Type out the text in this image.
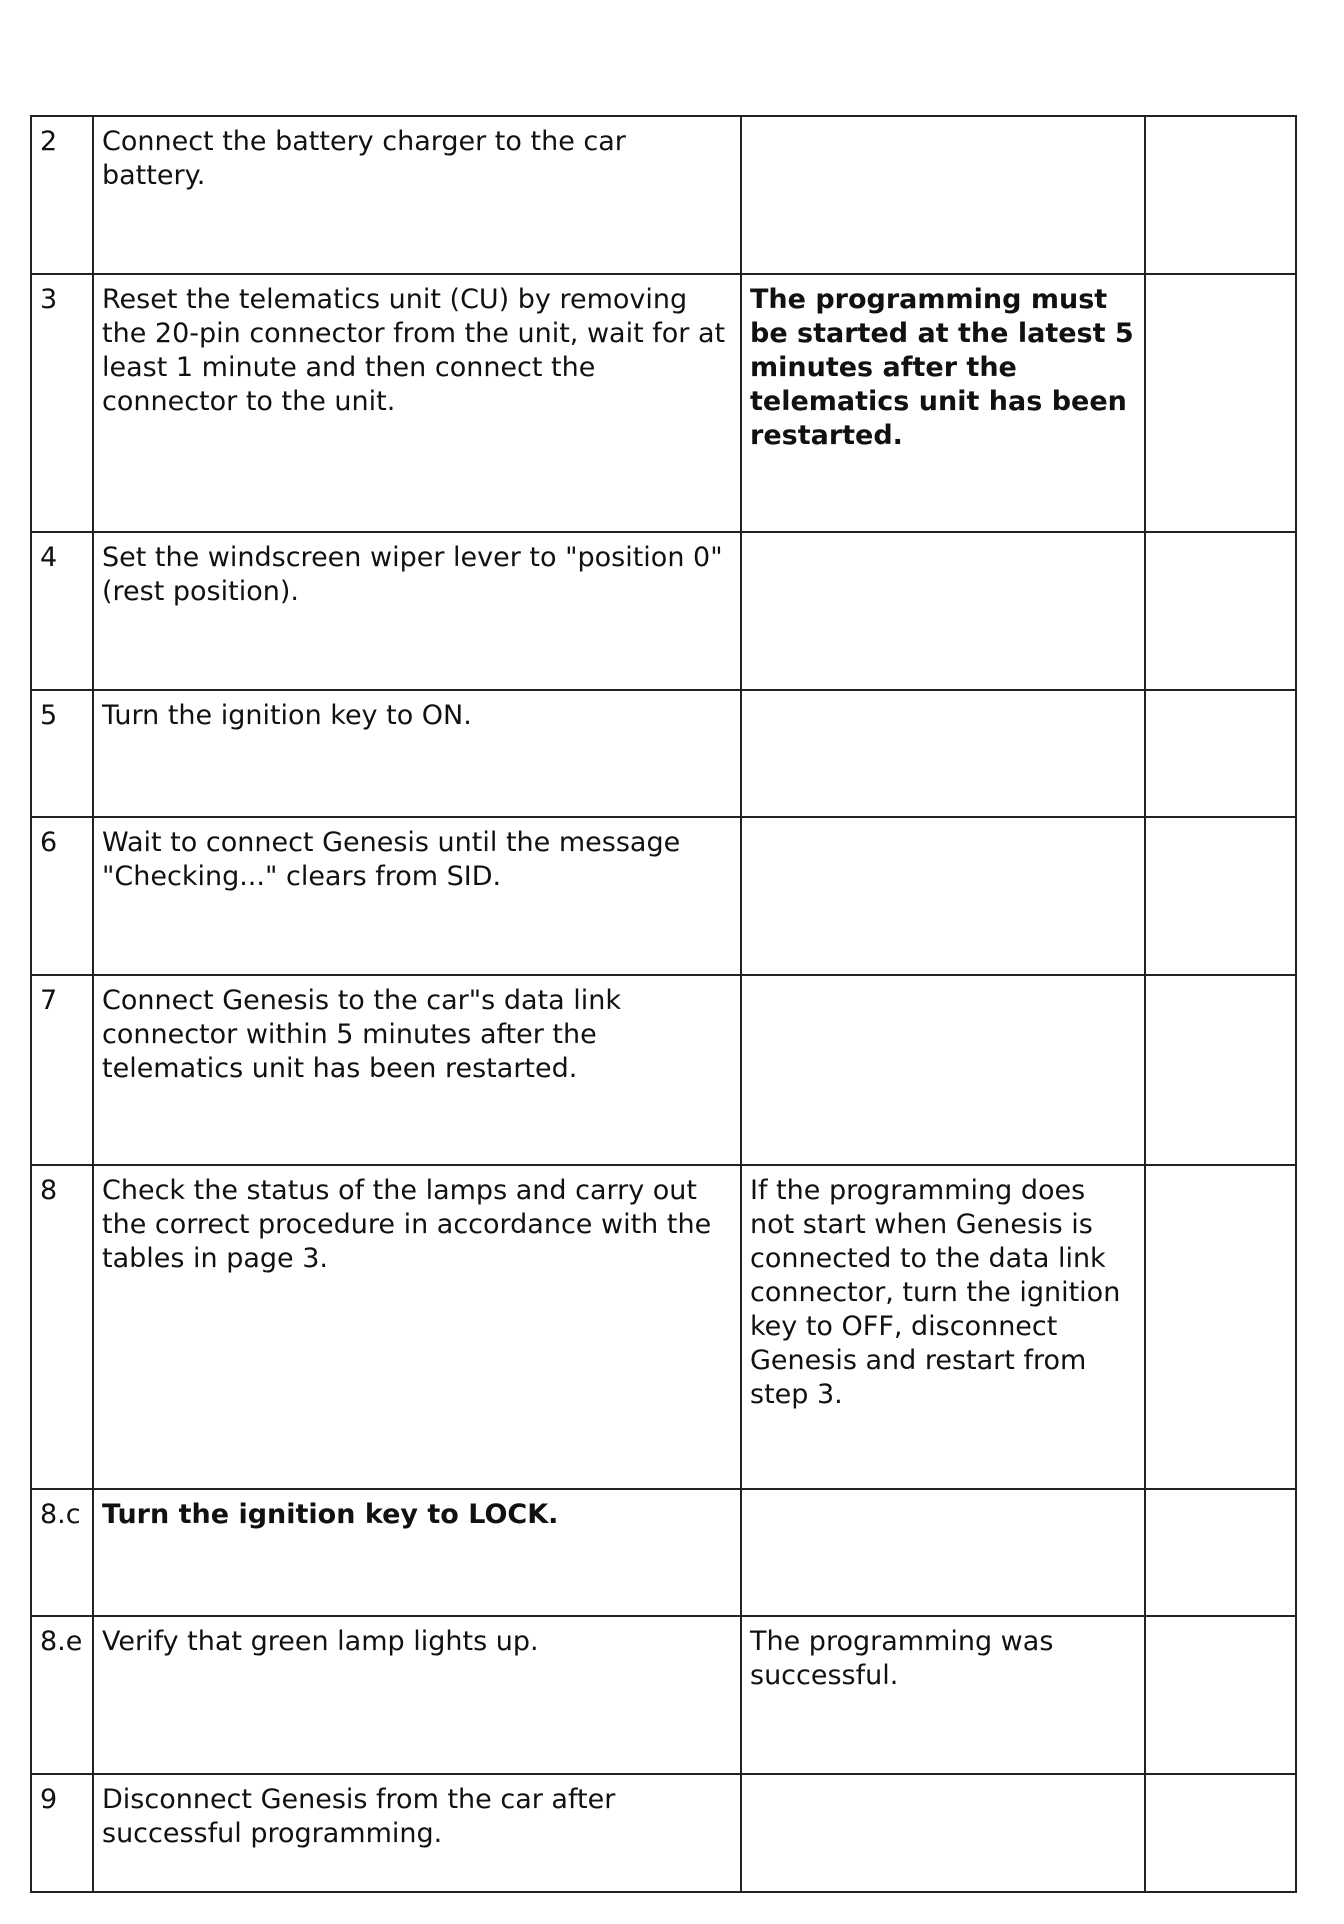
2	Connect the battery charger to the car battery.		
3	Reset the telematics unit (CU) by removing the 20-pin connector from the unit, wait for at least 1 minute and then connect the connector to the unit.	The programming must be started at the latest 5 minutes after the telematics unit has been restarted.	
4	Set the windscreen wiper lever to "position 0" (rest position).		
5	Turn the ignition key to ON.		
6	Wait to connect Genesis until the message "Checking..." clears from SID.		
7	Connect Genesis to the car"s data link connector within 5 minutes after the telematics unit has been restarted.		
8	Check the status of the lamps and carry out the correct procedure in accordance with the tables in page 3.	If the programming does not start when Genesis is connected to the data link connector, turn the ignition key to OFF, disconnect Genesis and restart from step 3.	
8.c	Turn the ignition key to LOCK.		
8.e	Verify that green lamp lights up.	The programming was successful.	
9	Disconnect Genesis from the car after successful programming.		
